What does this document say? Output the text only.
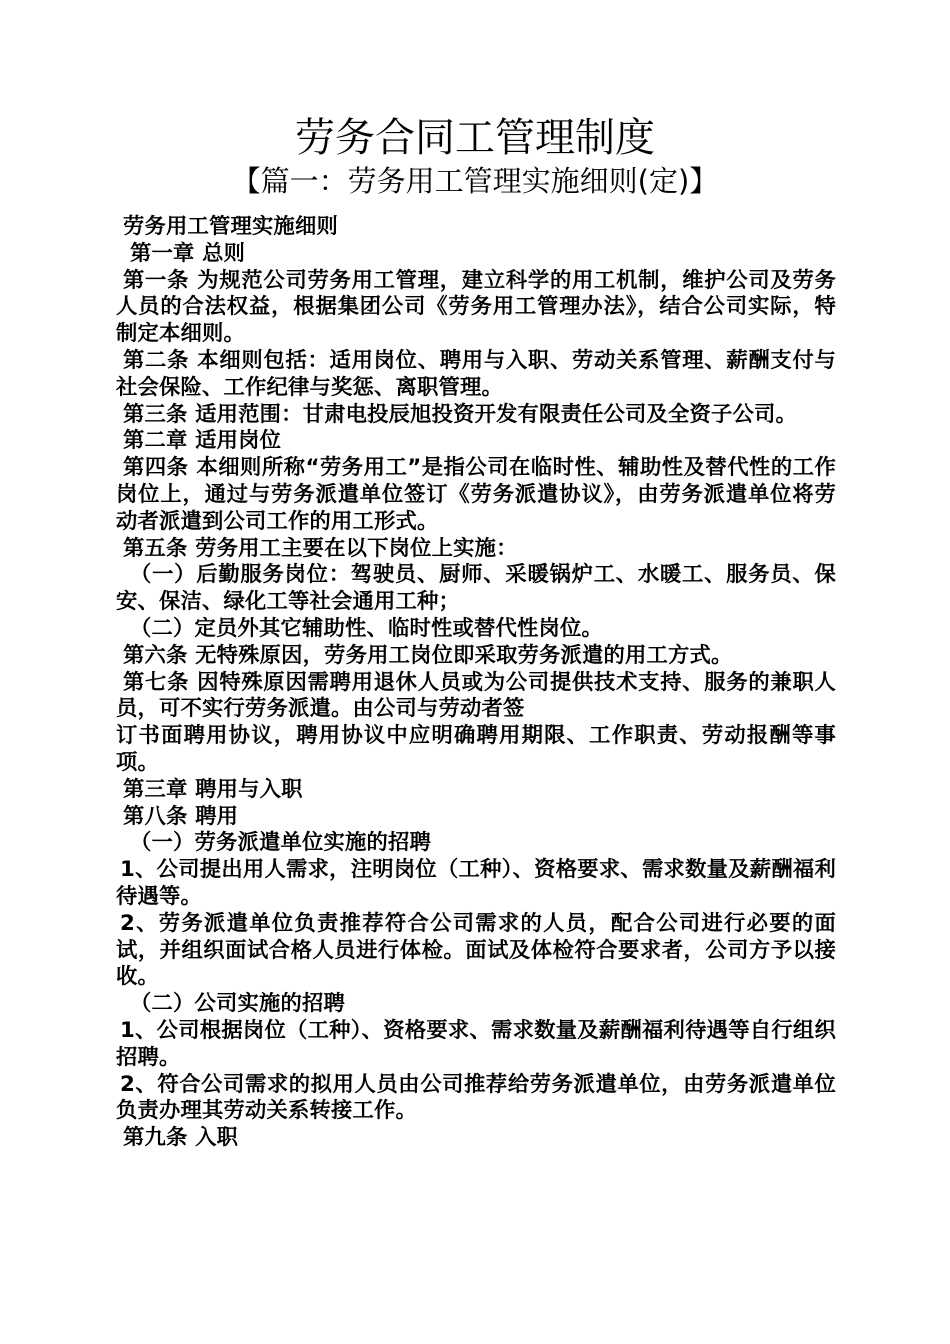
劳务合同工管理制度
【篇一：劳务用工管理实施细则(定)】

劳务用工管理实施细则

第一章 总则

第一条 为规范公司劳务用工管理，建立科学的用工机制，维护公司及劳务人员的合法权益，根据集团公司《劳务用工管理办法》，结合公司实际，特制定本细则。

第二条 本细则包括：适用岗位、聘用与入职、劳动关系管理、薪酬支付与社会保险、工作纪律与奖惩、离职管理。

第三条 适用范围：甘肃电投辰旭投资开发有限责任公司及全资子公司。

第二章 适用岗位

第四条 本细则所称“劳务用工”是指公司在临时性、辅助性及替代性的工作岗位上，通过与劳务派遣单位签订《劳务派遣协议》，由劳务派遣单位将劳动者派遣到公司工作的用工形式。

第五条 劳务用工主要在以下岗位上实施：

（一）后勤服务岗位：驾驶员、厨师、采暖锅炉工、水暖工、服务员、保安、保洁、绿化工等社会通用工种；

（二）定员外其它辅助性、临时性或替代性岗位。

第六条 无特殊原因，劳务用工岗位即采取劳务派遣的用工方式。

第七条 因特殊原因需聘用退休人员或为公司提供技术支持、服务的兼职人员，可不实行劳务派遣。由公司与劳动者签

订书面聘用协议，聘用协议中应明确聘用期限、工作职责、劳动报酬等事项。

第三章 聘用与入职

第八条 聘用

（一）劳务派遣单位实施的招聘

1、公司提出用人需求，注明岗位（工种）、资格要求、需求数量及薪酬福利待遇等。

2、劳务派遣单位负责推荐符合公司需求的人员，配合公司进行必要的面试，并组织面试合格人员进行体检。面试及体检符合要求者，公司方予以接收。

（二）公司实施的招聘

1、公司根据岗位（工种）、资格要求、需求数量及薪酬福利待遇等自行组织招聘。

2、符合公司需求的拟用人员由公司推荐给劳务派遣单位，由劳务派遣单位负责办理其劳动关系转接工作。

第九条 入职
